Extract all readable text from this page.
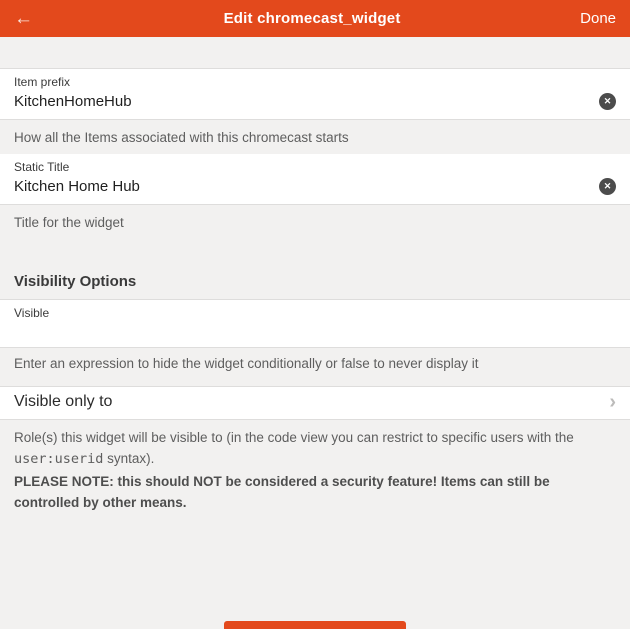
←	Edit chromecast_widget	Done
Item prefix
KitchenHomeHub	✕
How all the Items associated with this chromecast starts
Static Title
Kitchen Home Hub	✕
Title for the widget
Visibility Options
Visible
Enter an expression to hide the widget conditionally or false to never display it
Visible only to	›

Role(s) this widget will be visible to (in the code view you can restrict to specific users with the user:userid syntax).

PLEASE NOTE: this should NOT be considered a security feature! Items can still be controlled by other means.
